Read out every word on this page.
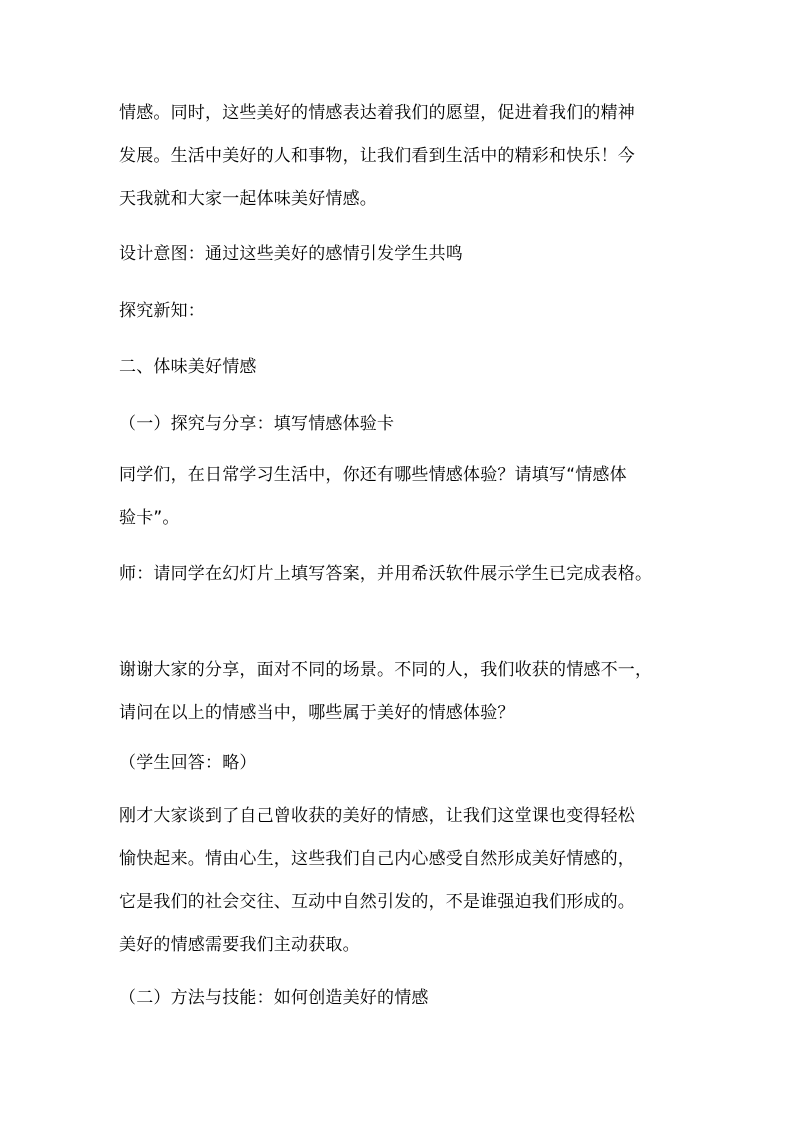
情感。同时，这些美好的情感表达着我们的愿望，促进着我们的精神
发展。生活中美好的人和事物，让我们看到生活中的精彩和快乐！今
天我就和大家一起体味美好情感。
设计意图：通过这些美好的感情引发学生共鸣
探究新知：
二、体味美好情感
（一）探究与分享：填写情感体验卡
同学们，在日常学习生活中，你还有哪些情感体验？请填写“情感体
验卡”。
师：请同学在幻灯片上填写答案，并用希沃软件展示学生已完成表格。
谢谢大家的分享，面对不同的场景。不同的人，我们收获的情感不一，
请问在以上的情感当中，哪些属于美好的情感体验？
（学生回答：略）
刚才大家谈到了自己曾收获的美好的情感，让我们这堂课也变得轻松
愉快起来。情由心生，这些我们自己内心感受自然形成美好情感的，
它是我们的社会交往、互动中自然引发的，不是谁强迫我们形成的。
美好的情感需要我们主动获取。
（二）方法与技能：如何创造美好的情感
